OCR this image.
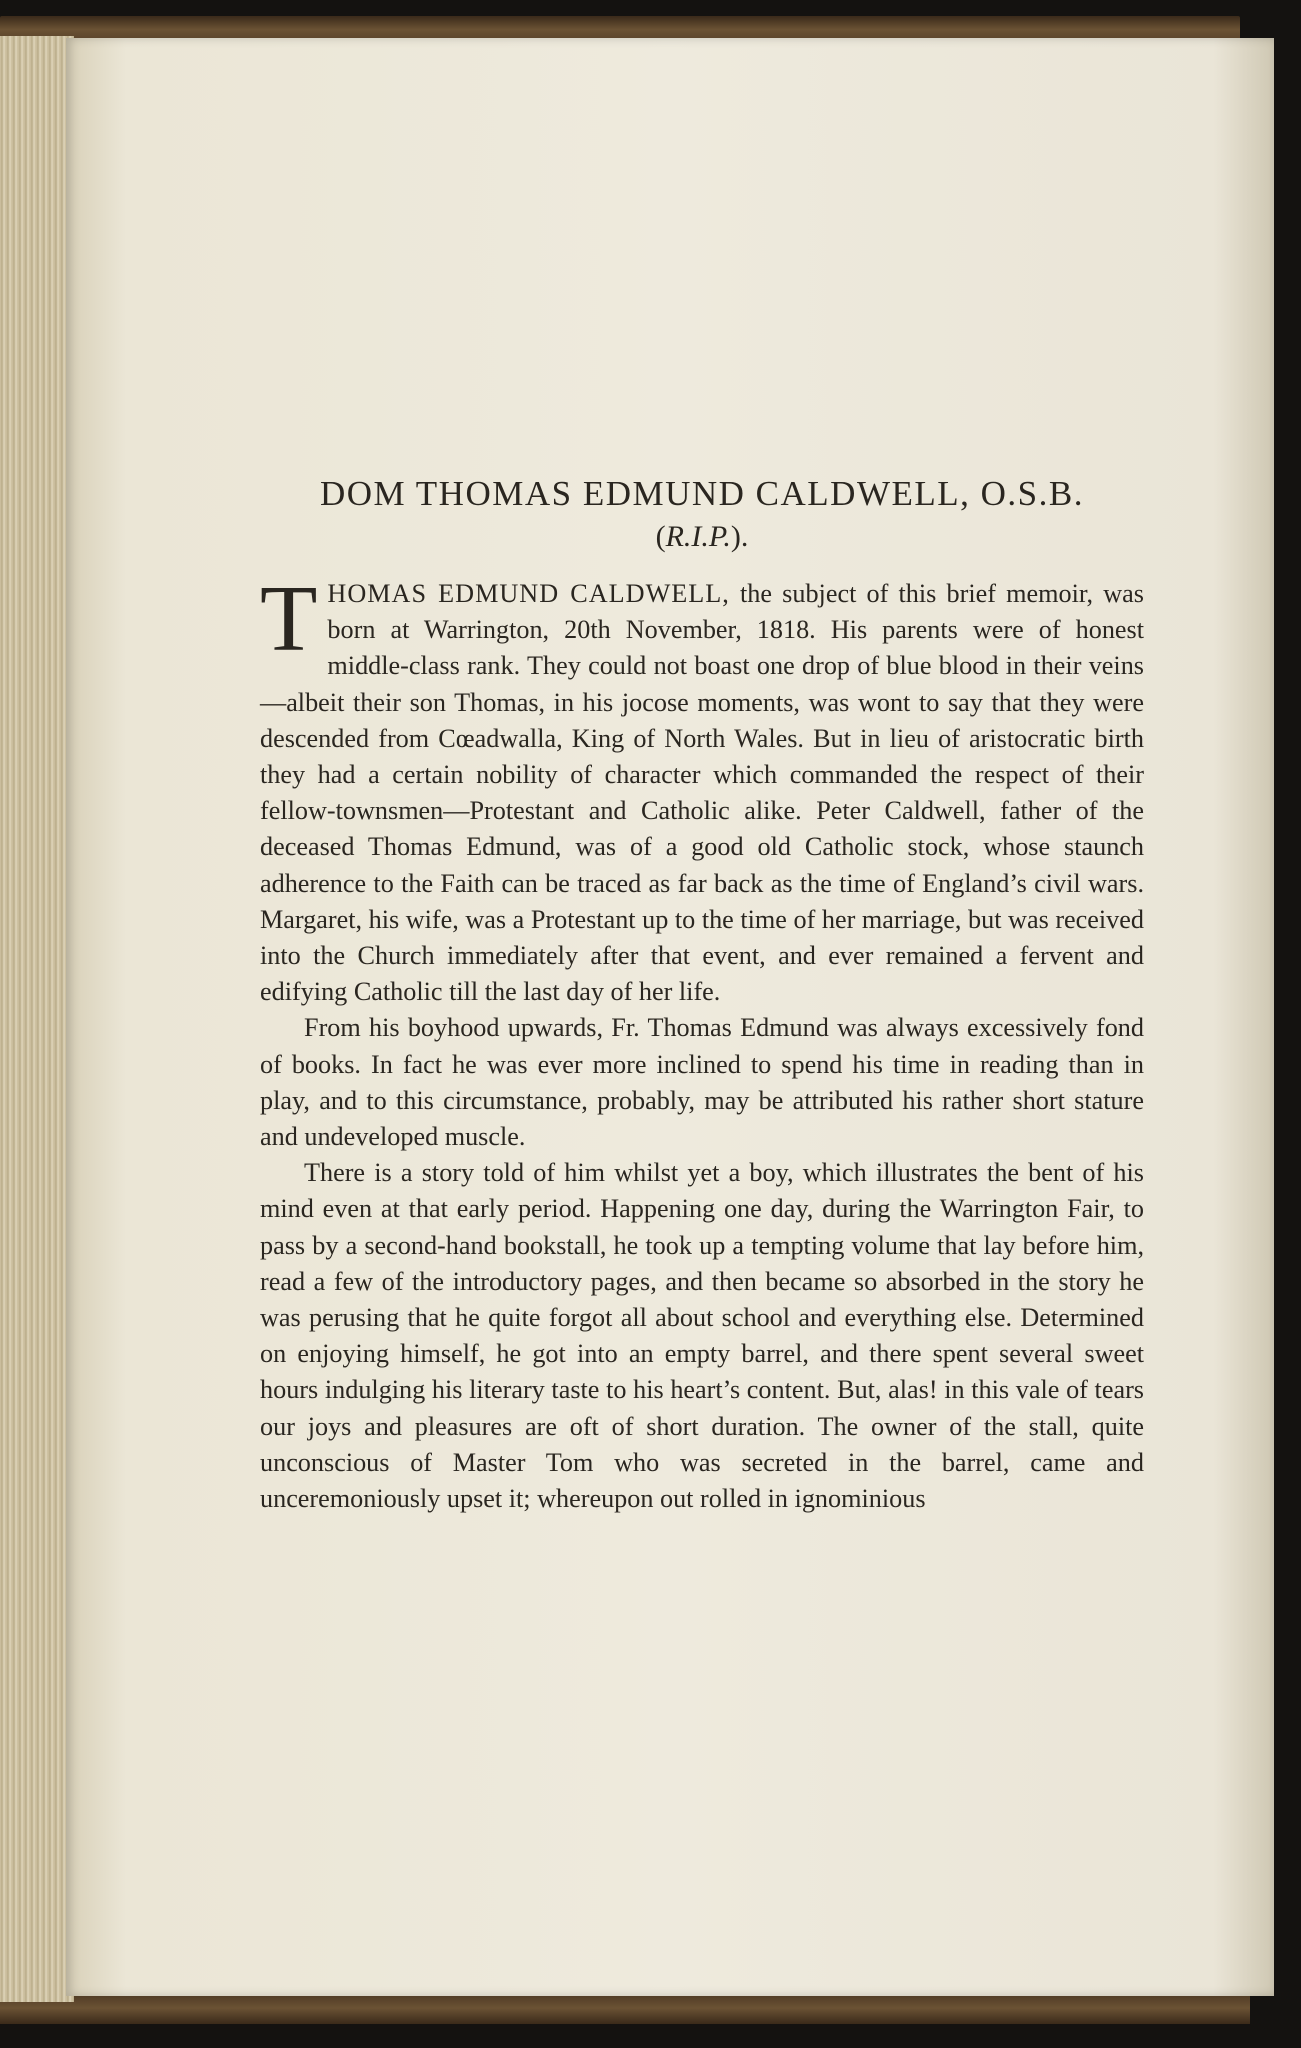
DOM THOMAS EDMUND CALDWELL, O.S.B.

(R.I.P.).

THOMAS EDMUND CALDWELL, the subject of this brief memoir, was born at Warrington, 20th November, 1818. His parents were of honest middle-class rank. They could not boast one drop of blue blood in their veins—albeit their son Thomas, in his jocose moments, was wont to say that they were descended from Cœadwalla, King of North Wales. But in lieu of aristocratic birth they had a certain nobility of character which commanded the respect of their fellow-townsmen—Protestant and Catholic alike. Peter Caldwell, father of the deceased Thomas Edmund, was of a good old Catholic stock, whose staunch adherence to the Faith can be traced as far back as the time of England’s civil wars. Margaret, his wife, was a Protestant up to the time of her marriage, but was received into the Church immediately after that event, and ever remained a fervent and edifying Catholic till the last day of her life.

From his boyhood upwards, Fr. Thomas Edmund was always excessively fond of books. In fact he was ever more inclined to spend his time in reading than in play, and to this circumstance, probably, may be attributed his rather short stature and undeveloped muscle.

There is a story told of him whilst yet a boy, which illustrates the bent of his mind even at that early period. Happening one day, during the Warrington Fair, to pass by a second-hand bookstall, he took up a tempting volume that lay before him, read a few of the introductory pages, and then became so absorbed in the story he was perusing that he quite forgot all about school and everything else. Determined on enjoying himself, he got into an empty barrel, and there spent several sweet hours indulging his literary taste to his heart’s content. But, alas! in this vale of tears our joys and pleasures are oft of short duration. The owner of the stall, quite unconscious of Master Tom who was secreted in the barrel, came and unceremoniously upset it; whereupon out rolled in ignominious
